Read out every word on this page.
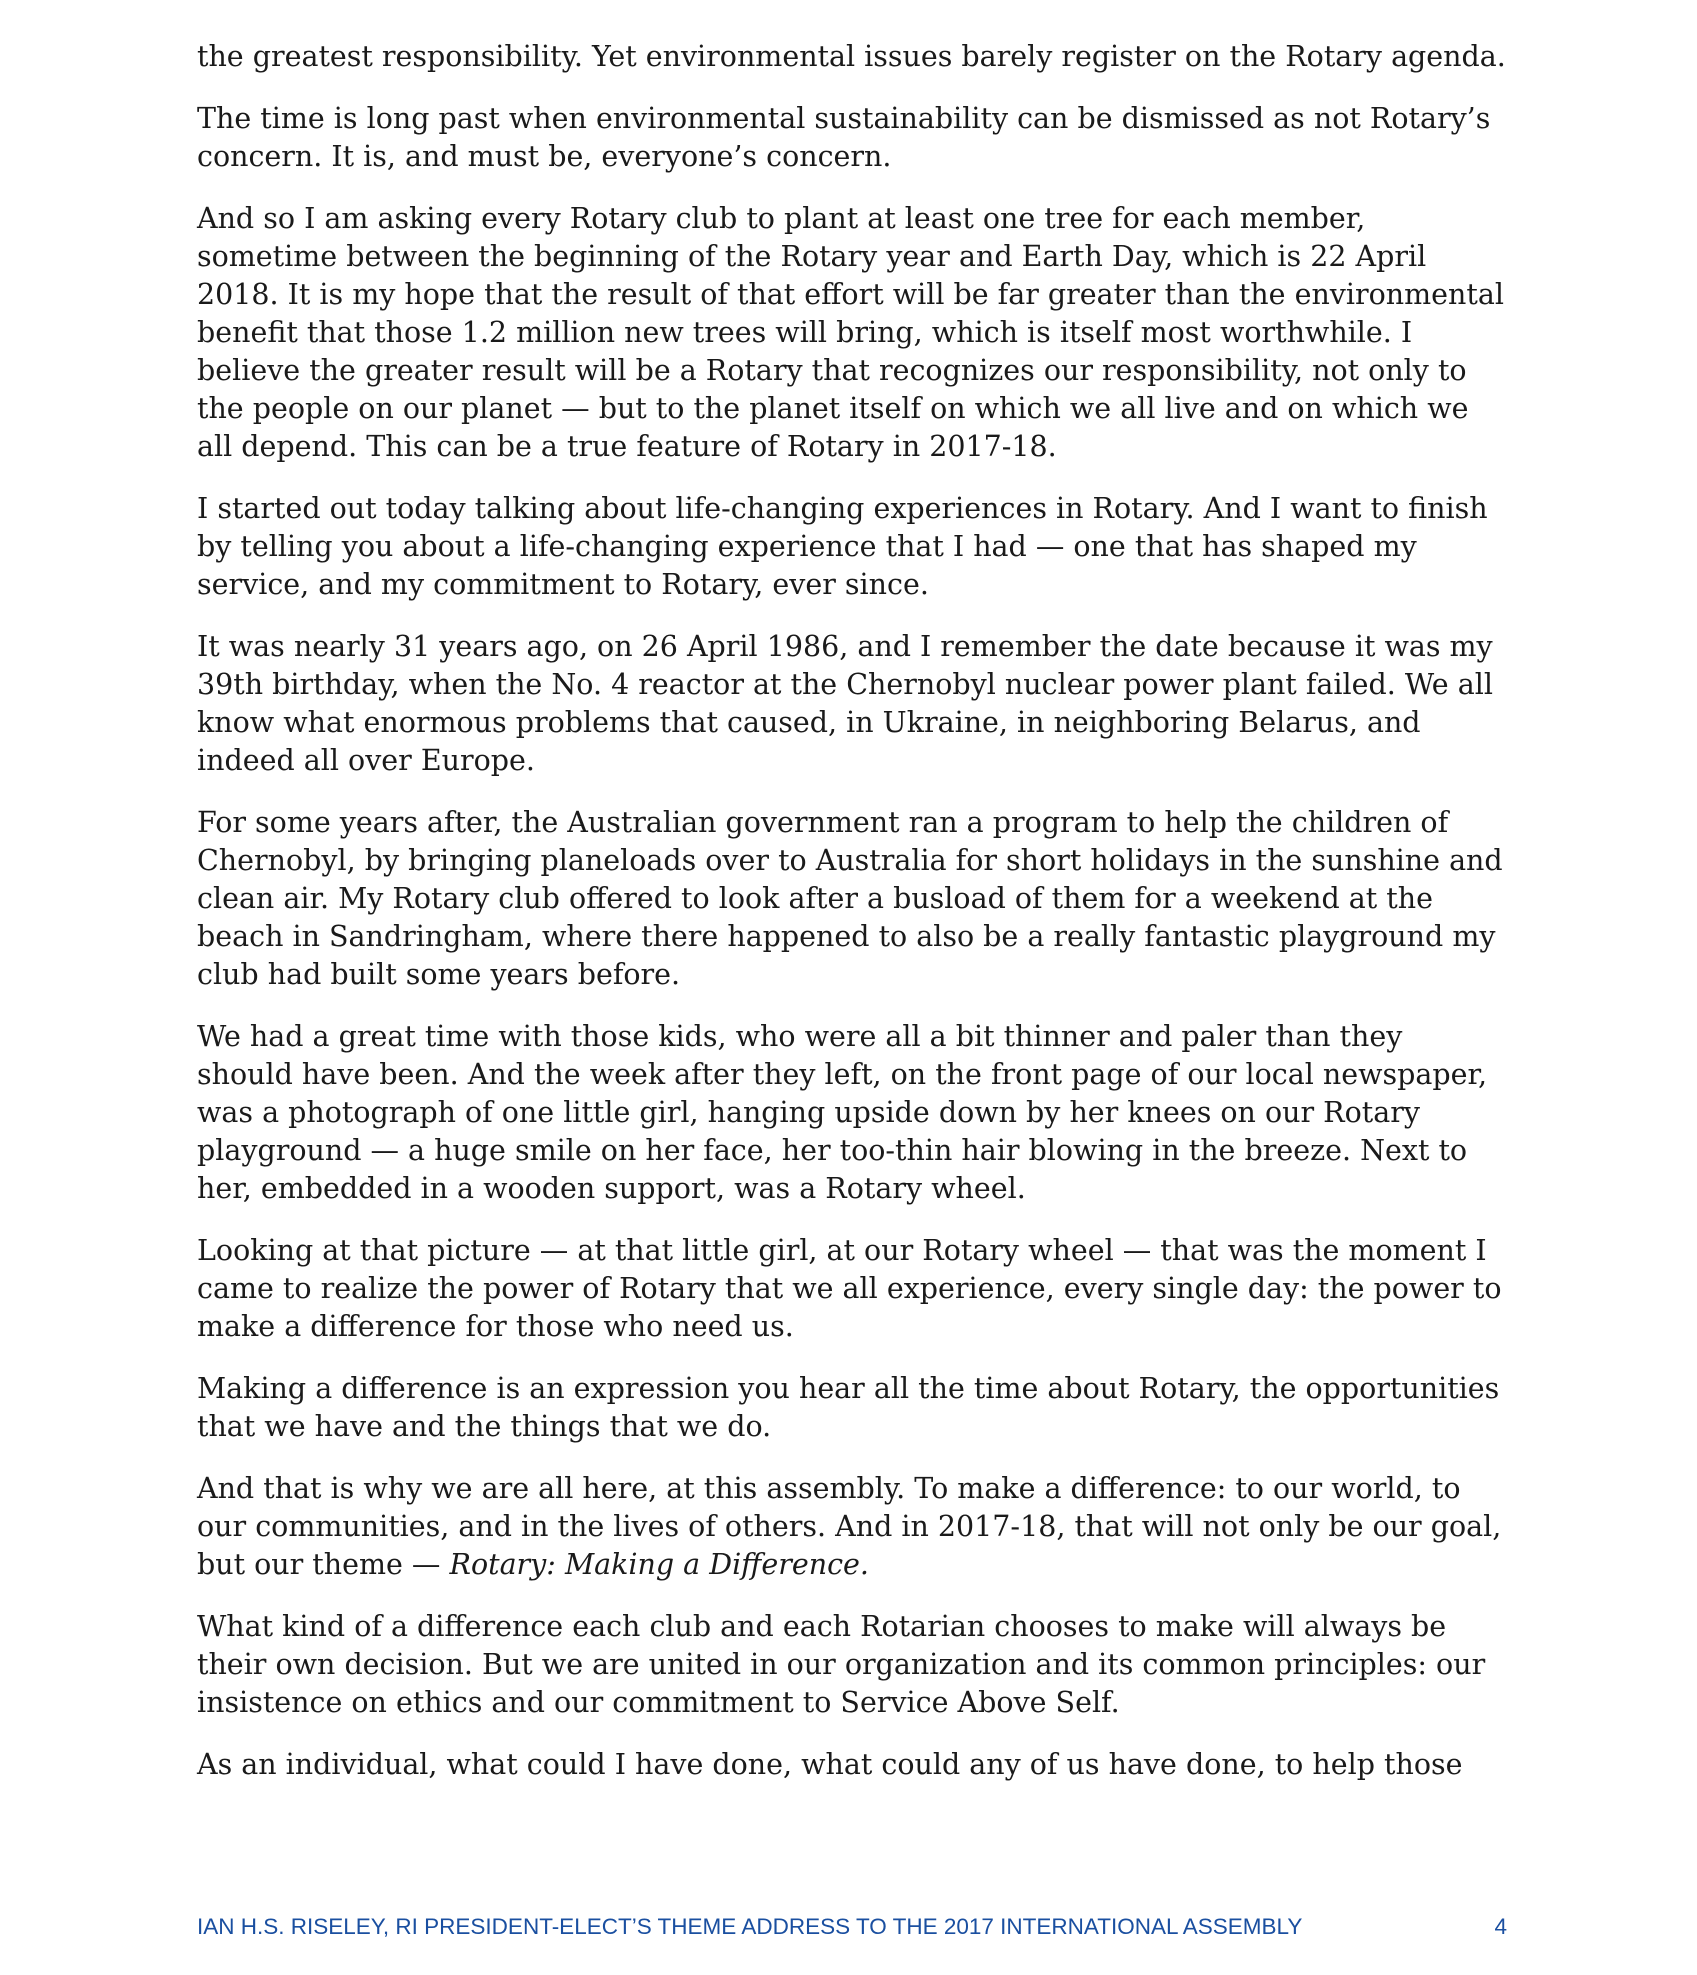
the greatest responsibility. Yet environmental issues barely register on the Rotary agenda.

The time is long past when environmental sustainability can be dismissed as not Rotary’s concern. It is, and must be, everyone’s concern.

And so I am asking every Rotary club to plant at least one tree for each member, sometime between the beginning of the Rotary year and Earth Day, which is 22 April 2018. It is my hope that the result of that effort will be far greater than the environmental benefit that those 1.2 million new trees will bring, which is itself most worthwhile. I believe the greater result will be a Rotary that recognizes our responsibility, not only to the people on our planet — but to the planet itself on which we all live and on which we all depend. This can be a true feature of Rotary in 2017-18.

I started out today talking about life-changing experiences in Rotary. And I want to finish by telling you about a life-changing experience that I had — one that has shaped my service, and my commitment to Rotary, ever since.

It was nearly 31 years ago, on 26 April 1986, and I remember the date because it was my 39th birthday, when the No. 4 reactor at the Chernobyl nuclear power plant failed. We all know what enormous problems that caused, in Ukraine, in neighboring Belarus, and indeed all over Europe.

For some years after, the Australian government ran a program to help the children of Chernobyl, by bringing planeloads over to Australia for short holidays in the sunshine and clean air. My Rotary club offered to look after a busload of them for a weekend at the beach in Sandringham, where there happened to also be a really fantastic playground my club had built some years before.

We had a great time with those kids, who were all a bit thinner and paler than they should have been. And the week after they left, on the front page of our local newspaper, was a photograph of one little girl, hanging upside down by her knees on our Rotary playground — a huge smile on her face, her too-thin hair blowing in the breeze. Next to her, embedded in a wooden support, was a Rotary wheel.

Looking at that picture — at that little girl, at our Rotary wheel — that was the moment I came to realize the power of Rotary that we all experience, every single day: the power to make a difference for those who need us.

Making a difference is an expression you hear all the time about Rotary, the opportunities that we have and the things that we do.

And that is why we are all here, at this assembly. To make a difference: to our world, to our communities, and in the lives of others. And in 2017-18, that will not only be our goal, but our theme — Rotary: Making a Difference.

What kind of a difference each club and each Rotarian chooses to make will always be their own decision. But we are united in our organization and its common principles: our insistence on ethics and our commitment to Service Above Self.

As an individual, what could I have done, what could any of us have done, to help those

IAN H.S. RISELEY, RI PRESIDENT-ELECT’S THEME ADDRESS TO THE 2017 INTERNATIONAL ASSEMBLY	4
